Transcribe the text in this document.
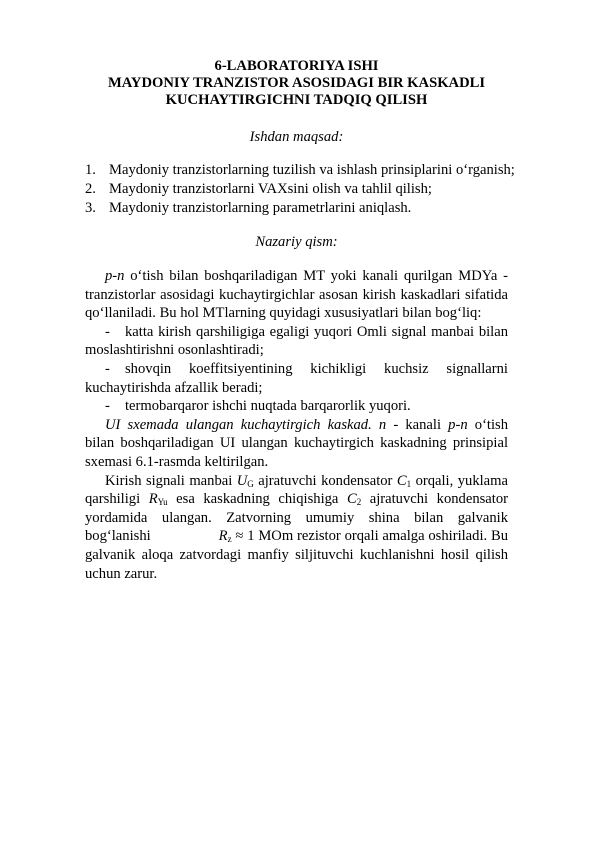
6-LABORATORIYA ISHI

MAYDONIY TRANZISTOR ASOSIDAGI BIR KASKADLI

KUCHAYTIRGICHNI TADQIQ QILISH

Ishdan maqsad:

1. Maydoniy tranzistorlarning tuzilish va ishlash prinsiplarini o‘rganish;
2. Maydoniy tranzistorlarni VAXsini olish va tahlil qilish;
3. Maydoniy tranzistorlarning parametrlarini aniqlash.

Nazariy qism:

p-n o‘tish bilan boshqariladigan MT yoki kanali qurilgan MDYa - tranzistorlar asosidagi kuchaytirgichlar asosan kirish kaskadlari sifatida qo‘llaniladi. Bu hol MTlarning quyidagi xususiyatlari bilan bog‘liq:

- katta kirish qarshiligiga egaligi yuqori Omli signal manbai bilan moslashtirishni osonlashtiradi;

- shovqin koeffitsiyentining kichikligi kuchsiz signallarni kuchaytirishda afzallik beradi;

- termobarqaror ishchi nuqtada barqarorlik yuqori.

UI sxemada ulangan kuchaytirgich kaskad. n - kanali p-n o‘tish bilan boshqariladigan UI ulangan kuchaytirgich kaskadning prinsipial sxemasi 6.1-rasmda keltirilgan.

Kirish signali manbai $U_G$ ajratuvchi kondensator $C_1$ orqali, yuklama qarshiligi $R_{Yu}$ esa kaskadning chiqishiga $C_2$ ajratuvchi kondensator yordamida ulangan. Zatvorning umumiy shina bilan galvanik bog‘lanishi	$R_z \approx 1$ MOm rezistor orqali amalga oshiriladi. Bu galvanik aloqa zatvordagi manfiy siljituvchi kuchlanishni hosil qilish uchun zarur.
